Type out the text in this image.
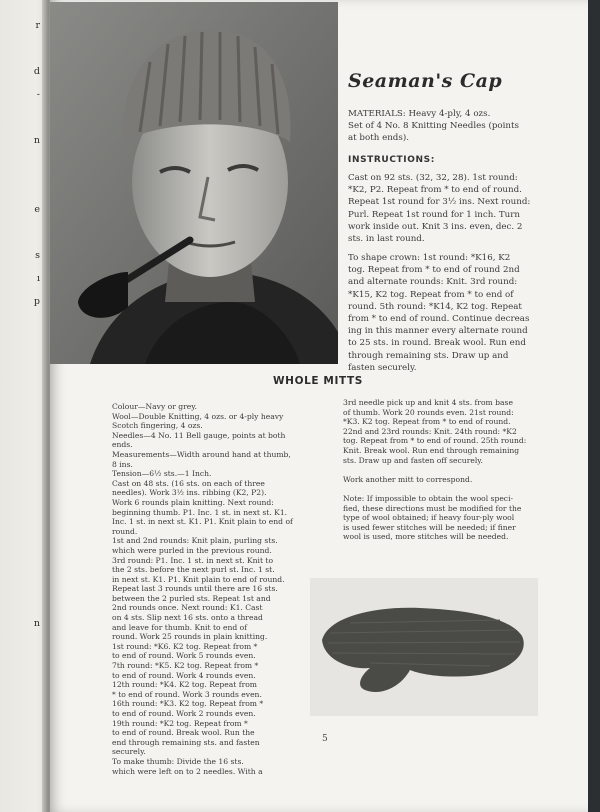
r
d
-
n
e
s
ı
p
n
Seaman's Cap
MATERIALS: Heavy 4-ply, 4 ozs.
Set of 4 No. 8 Knitting Needles (points
at both ends).
INSTRUCTIONS:
Cast on 92 sts. (32, 32, 28). 1st round:
*K2, P2. Repeat from * to end of round.
Repeat 1st round for 3½ ins. Next round:
Purl. Repeat 1st round for 1 inch. Turn
work inside out. Knit 3 ins. even, dec. 2
sts. in last round.
To shape crown: 1st round: *K16, K2
tog. Repeat from * to end of round 2nd
and alternate rounds: Knit. 3rd round:
*K15, K2 tog. Repeat from * to end of
round. 5th round: *K14, K2 tog. Repeat
from * to end of round. Continue decreas
ing in this manner every alternate round
to 25 sts. in round. Break wool. Run end
through remaining sts. Draw up and
fasten securely.
WHOLE MITTS
Colour—Navy or grey.
Wool—Double Knitting, 4 ozs. or 4-ply heavy
Scotch fingering, 4 ozs.
Needles—4 No. 11 Bell gauge, points at both
ends.
Measurements—Width around hand at thumb,
8 ins.
Tension—6½ sts.—1 Inch.
Cast on 48 sts. (16 sts. on each of three
needles). Work 3½ ins. ribbing (K2, P2).
Work 6 rounds plain knitting. Next round:
beginning thumb. P1. Inc. 1 st. in next st. K1.
Inc. 1 st. in next st. K1. P1. Knit plain to end of
round.
1st and 2nd rounds: Knit plain, purling sts.
which were purled in the previous round.
3rd round: P1. Inc. 1 st. in next st. Knit to
the 2 sts. before the next purl st. Inc. 1 st.
in next st. K1. P1. Knit plain to end of round.
Repeat last 3 rounds until there are 16 sts.
between the 2 purled sts. Repeat 1st and
2nd rounds once. Next round: K1. Cast
on 4 sts. Slip next 16 sts. onto a thread
and leave for thumb. Knit to end of
round. Work 25 rounds in plain knitting.
1st round: *K6. K2 tog. Repeat from *
to end of round. Work 5 rounds even.
7th round: *K5. K2 tog. Repeat from *
to end of round. Work 4 rounds even.
12th round: *K4. K2 tog. Repeat from
* to end of round. Work 3 rounds even.
16th round: *K3. K2 tog. Repeat from *
to end of round. Work 2 rounds even.
19th round: *K2 tog. Repeat from *
to end of round. Break wool. Run the
end through remaining sts. and fasten
securely.
To make thumb: Divide the 16 sts.
which were left on to 2 needles. With a
3rd needle pick up and knit 4 sts. from base
of thumb. Work 20 rounds even. 21st round:
*K3. K2 tog. Repeat from * to end of round.
22nd and 23rd rounds: Knit. 24th round: *K2
tog. Repeat from * to end of round. 25th round:
Knit. Break wool. Run end through remaining
sts. Draw up and fasten off securely.

Work another mitt to correspond.

Note: If impossible to obtain the wool speci-
fied, these directions must be modified for the
type of wool obtained; if heavy four-ply wool
is used fewer stitches will be needed; if finer
wool is used, more stitches will be needed.
5
